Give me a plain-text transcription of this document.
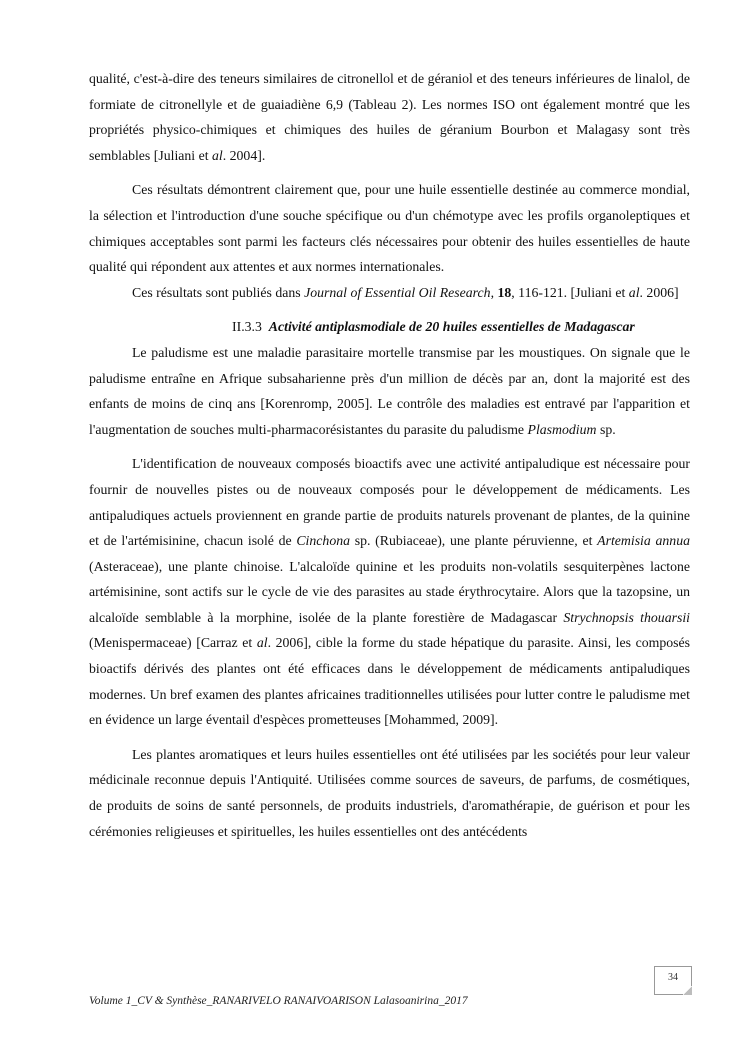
qualité, c'est-à-dire des teneurs similaires de citronellol et de géraniol et des teneurs inférieures de linalol, de formiate de citronellyle et de guaiadiène 6,9 (Tableau 2). Les normes ISO ont également montré que les propriétés physico-chimiques et chimiques des huiles de géranium Bourbon et Malagasy sont très semblables [Juliani et al. 2004].

Ces résultats démontrent clairement que, pour une huile essentielle destinée au commerce mondial, la sélection et l'introduction d'une souche spécifique ou d'un chémotype avec les profils organoleptiques et chimiques acceptables sont parmi les facteurs clés nécessaires pour obtenir des huiles essentielles de haute qualité qui répondent aux attentes et aux normes internationales.

Ces résultats sont publiés dans Journal of Essential Oil Research, 18, 116-121. [Juliani et al. 2006]

II.3.3 Activité antiplasmodiale de 20 huiles essentielles de Madagascar

Le paludisme est une maladie parasitaire mortelle transmise par les moustiques. On signale que le paludisme entraîne en Afrique subsaharienne près d'un million de décès par an, dont la majorité est des enfants de moins de cinq ans [Korenromp, 2005]. Le contrôle des maladies est entravé par l'apparition et l'augmentation de souches multi-pharmacorésistantes du parasite du paludisme Plasmodium sp.

L'identification de nouveaux composés bioactifs avec une activité antipaludique est nécessaire pour fournir de nouvelles pistes ou de nouveaux composés pour le développement de médicaments. Les antipaludiques actuels proviennent en grande partie de produits naturels provenant de plantes, de la quinine et de l'artémisinine, chacun isolé de Cinchona sp. (Rubiaceae), une plante péruvienne, et Artemisia annua (Asteraceae), une plante chinoise. L'alcaloïde quinine et les produits non-volatils sesquiterpènes lactone artémisinine, sont actifs sur le cycle de vie des parasites au stade érythrocytaire. Alors que la tazopsine, un alcaloïde semblable à la morphine, isolée de la plante forestière de Madagascar Strychnopsis thouarsii (Menispermaceae) [Carraz et al. 2006], cible la forme du stade hépatique du parasite. Ainsi, les composés bioactifs dérivés des plantes ont été efficaces dans le développement de médicaments antipaludiques modernes. Un bref examen des plantes africaines traditionnelles utilisées pour lutter contre le paludisme met en évidence un large éventail d'espèces prometteuses [Mohammed, 2009].

Les plantes aromatiques et leurs huiles essentielles ont été utilisées par les sociétés pour leur valeur médicinale reconnue depuis l'Antiquité. Utilisées comme sources de saveurs, de parfums, de cosmétiques, de produits de soins de santé personnels, de produits industriels, d'aromathérapie, de guérison et pour les cérémonies religieuses et spirituelles, les huiles essentielles ont des antécédents

34
Volume 1_CV & Synthèse_RANARIVELO RANAIVOARISON Lalasoanirina_2017
